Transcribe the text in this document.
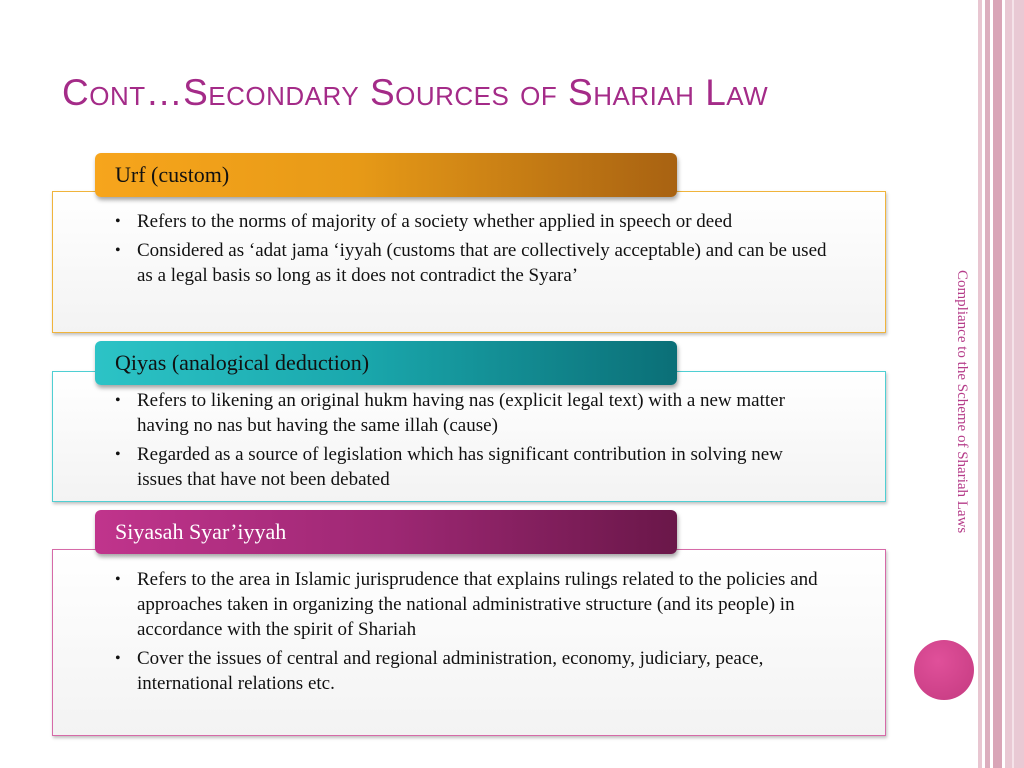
Cont…Secondary Sources of Shariah Law
Compliance to the Scheme of Shariah Laws
• Refers to the norms of majority of a society whether applied in speech or deed
• Considered as ‘adat jama ‘iyyah (customs that are collectively acceptable) and can be used as a legal basis so long as it does not contradict the Syara’
Urf (custom)
• Refers to likening an original hukm having nas (explicit legal text) with a new matter having no nas but having the same illah (cause)
• Regarded as a source of legislation which has significant contribution in solving new issues that have not been debated
Qiyas (analogical deduction)
• Refers to the area in Islamic jurisprudence that explains rulings related to the policies and approaches taken in organizing the national administrative structure (and its people) in accordance with the spirit of Shariah
• Cover the issues of central and regional administration, economy, judiciary, peace, international relations etc.
Siyasah Syar’iyyah
